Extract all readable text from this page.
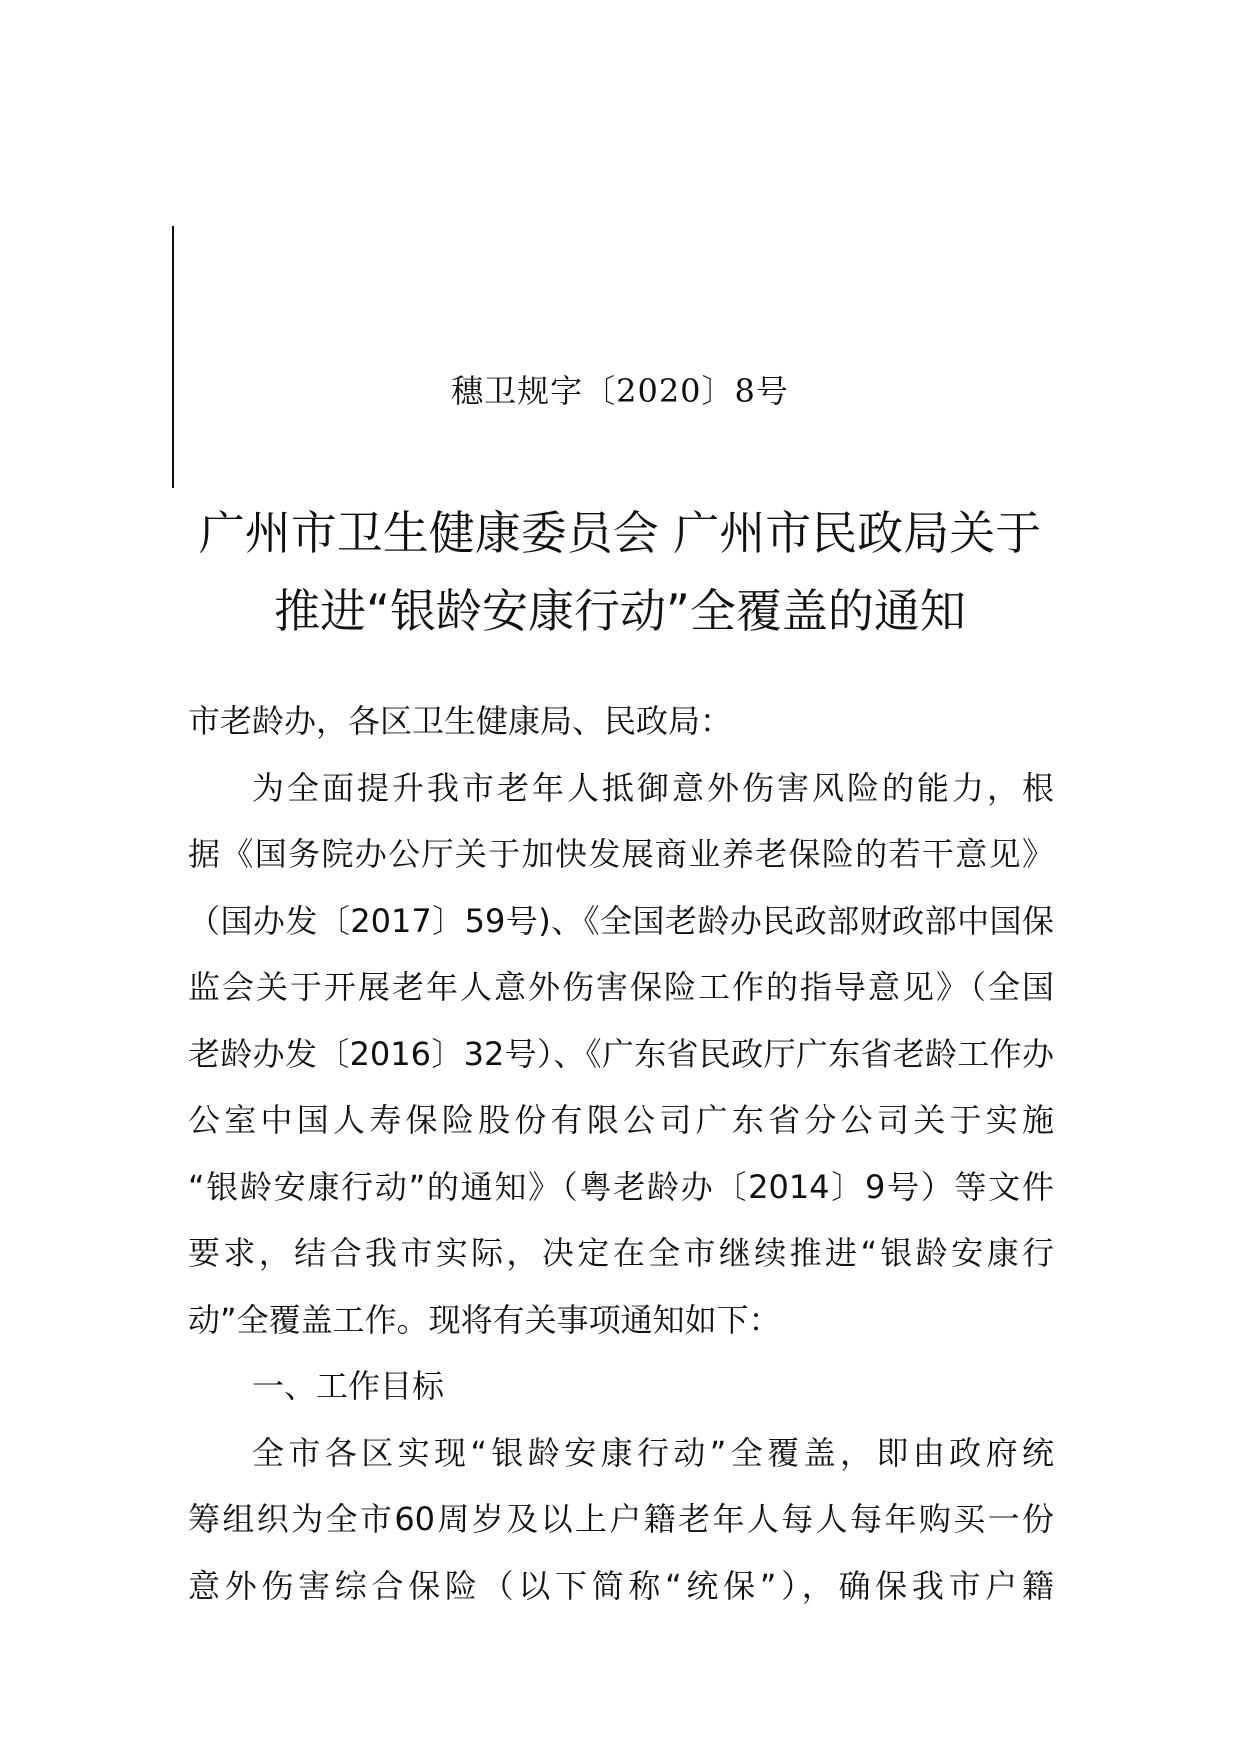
穗卫规字〔2020〕8号
广州市卫生健康委员会 广州市民政局关于
推进“银龄安康行动”全覆盖的通知
市老龄办，各区卫生健康局、民政局：
为全面提升我市老年人抵御意外伤害风险的能力，根
据《国务院办公厅关于加快发展商业养老保险的若干意见》
（国办发〔2017〕59号)、《全国老龄办民政部财政部中国保
监会关于开展老年人意外伤害保险工作的指导意见》（全国
老龄办发〔2016〕32号）、《广东省民政厅广东省老龄工作办
公室中国人寿保险股份有限公司广东省分公司关于实施
“银龄安康行动”的通知》（粤老龄办〔2014〕9号）等文件
要求，结合我市实际，决定在全市继续推进“银龄安康行
动”全覆盖工作。现将有关事项通知如下：
一、工作目标
全市各区实现“银龄安康行动”全覆盖，即由政府统
筹组织为全市60周岁及以上户籍老年人每人每年购买一份
意外伤害综合保险（以下简称“统保”），确保我市户籍
